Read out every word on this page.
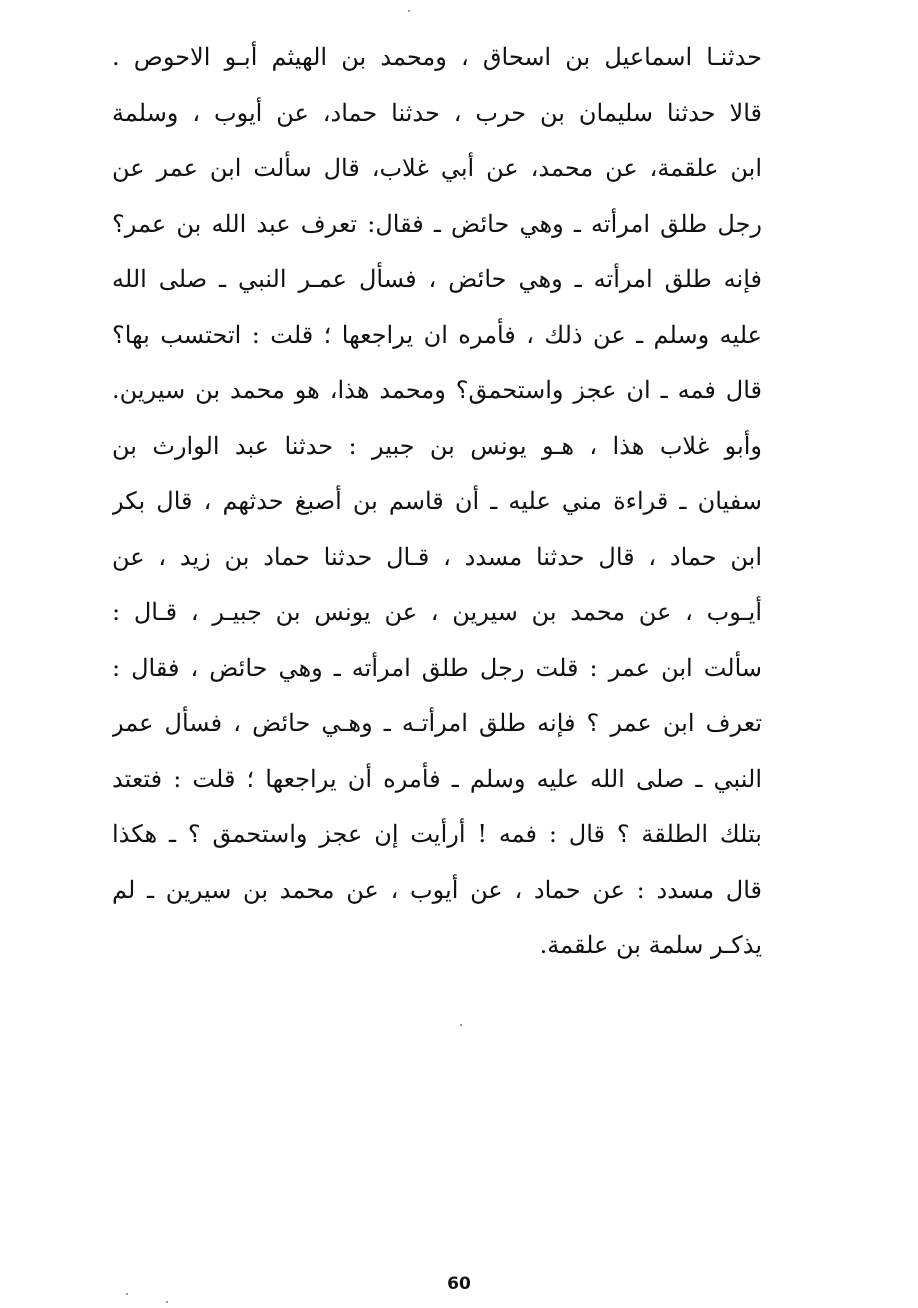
حدثنـا اسماعيل بن اسحاق ، ومحمد بن الهيثم أبـو الاحوص .
قالا حدثنا سليمان بن حرب ، حدثنا حماد، عن أيوب ، وسلمة
ابن علقمة، عن محمد، عن أبي غلاب، قال سألت ابن عمر عن
رجل طلق امرأته ـ وهي حائض ـ فقال: تعرف عبد الله بن عمر؟
فإنه طلق امرأته ـ وهي حائض ، فسأل عمـر النبي ـ صلى الله
عليه وسلم ـ عن ذلك ، فأمره ان يراجعها ؛ قلت : اتحتسب بها؟
قال فمه ـ ان عجز واستحمق؟ ومحمد هذا، هو محمد بن سيرين.
وأبو غلاب هذا ، هـو يونس بن جبير : حدثنا عبد الوارث بن
سفيان ـ قراءة مني عليه ـ أن قاسم بن أصبغ حدثهم ، قال بكر
ابن حماد ، قال حدثنا مسدد ، قـال حدثنا حماد بن زيد ، عن
أيـوب ، عن محمد بن سيرين ، عن يونس بن جبيـر ، قـال :
سألت ابن عمر : قلت رجل طلق امرأته ـ وهي حائض ، فقال :
تعرف ابن عمر ؟ فإنه طلق امرأتـه ـ وهـي حائض ، فسأل عمر
النبي ـ صلى الله عليه وسلم ـ فأمره أن يراجعها ؛ قلت : فتعتد
بتلك الطلقة ؟ قال : فمه ! أرأيت إن عجز واستحمق ؟ ـ هكذا
قال مسدد : عن حماد ، عن أيوب ، عن محمد بن سيرين ـ لم
يذكـر سلمة بن علقمة.
60
